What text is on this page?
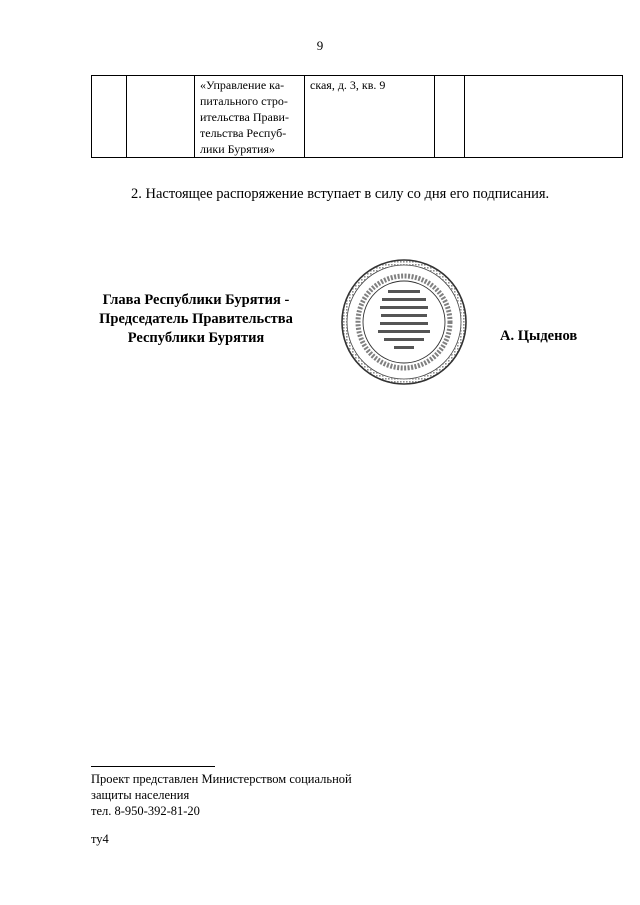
9
		«Управление ка-
питального стро-
ительства Прави-
тельства Респуб-
лики Бурятия»	ская, д. 3, кв. 9		
2. Настоящее распоряжение вступает в силу со дня его подписания.
Глава Республики Бурятия -
Председатель Правительства
Республики Бурятия	А. Цыденов
Проект представлен Министерством социальной
защиты населения
тел. 8-950-392-81-20
ту4
